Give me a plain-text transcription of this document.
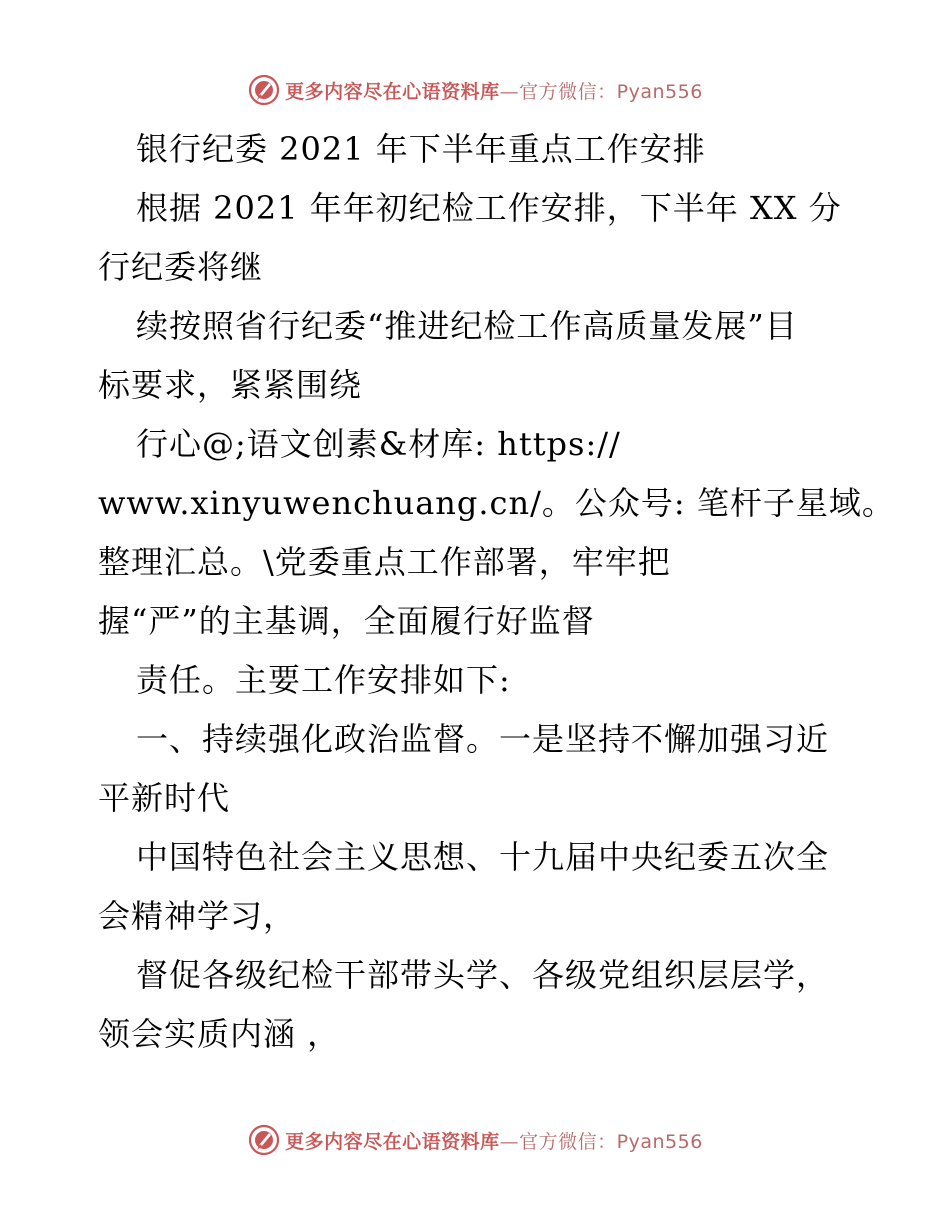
更多内容尽在心语资料库—官方微信：Pyan556

银行纪委 2021 年下半年重点工作安排

根据 2021 年年初纪检工作安排，下半年 XX 分

行纪委将继

续按照省行纪委“推进纪检工作高质量发展”目

标要求，紧紧围绕

行心@;语文创素&材库: https://

www.xinyuwenchuang.cn/。公众号: 笔杆子星域。

整理汇总。\党委重点工作部署，牢牢把

握“严”的主基调，全面履行好监督

责任。主要工作安排如下:

一、持续强化政治监督。一是坚持不懈加强习近

平新时代

中国特色社会主义思想、十九届中央纪委五次全

会精神学习，

督促各级纪检干部带头学、各级党组织层层学，

领会实质内涵 ，

更多内容尽在心语资料库—官方微信：Pyan556
